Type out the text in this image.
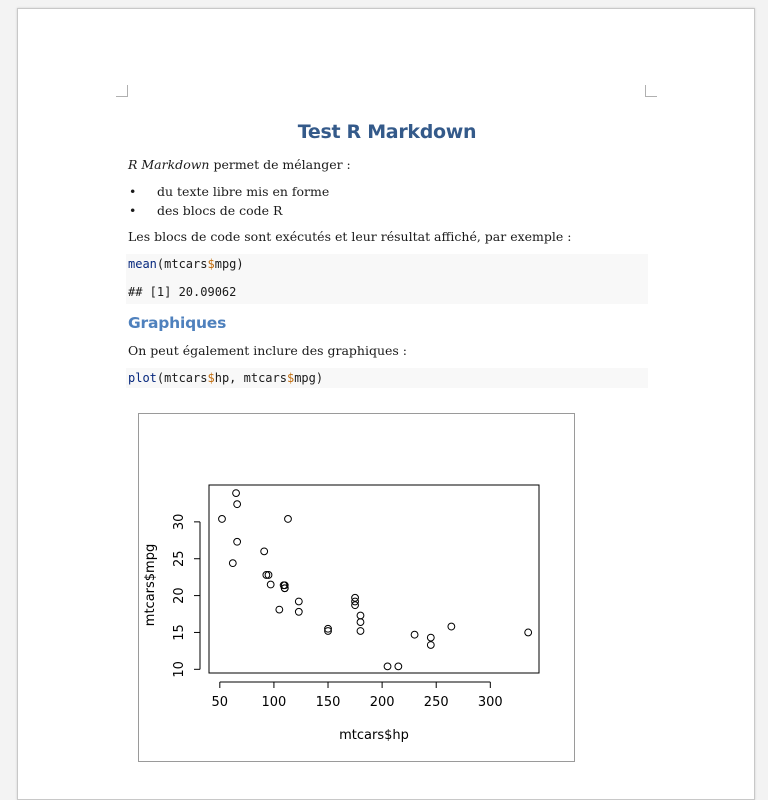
Test R Markdown

R Markdown permet de mélanger :

• du texte libre mis en forme
• des blocs de code R

Les blocs de code sont exécutés et leur résultat affiché, par exemple :

mean(mtcars$mpg)
## [1] 20.09062
Graphiques

On peut également inclure des graphiques :

plot(mtcars$hp, mtcars$mpg)
50	100 150 200 250 300
10
15
20
25
30
mtcars$hp
mtcars$mpg
